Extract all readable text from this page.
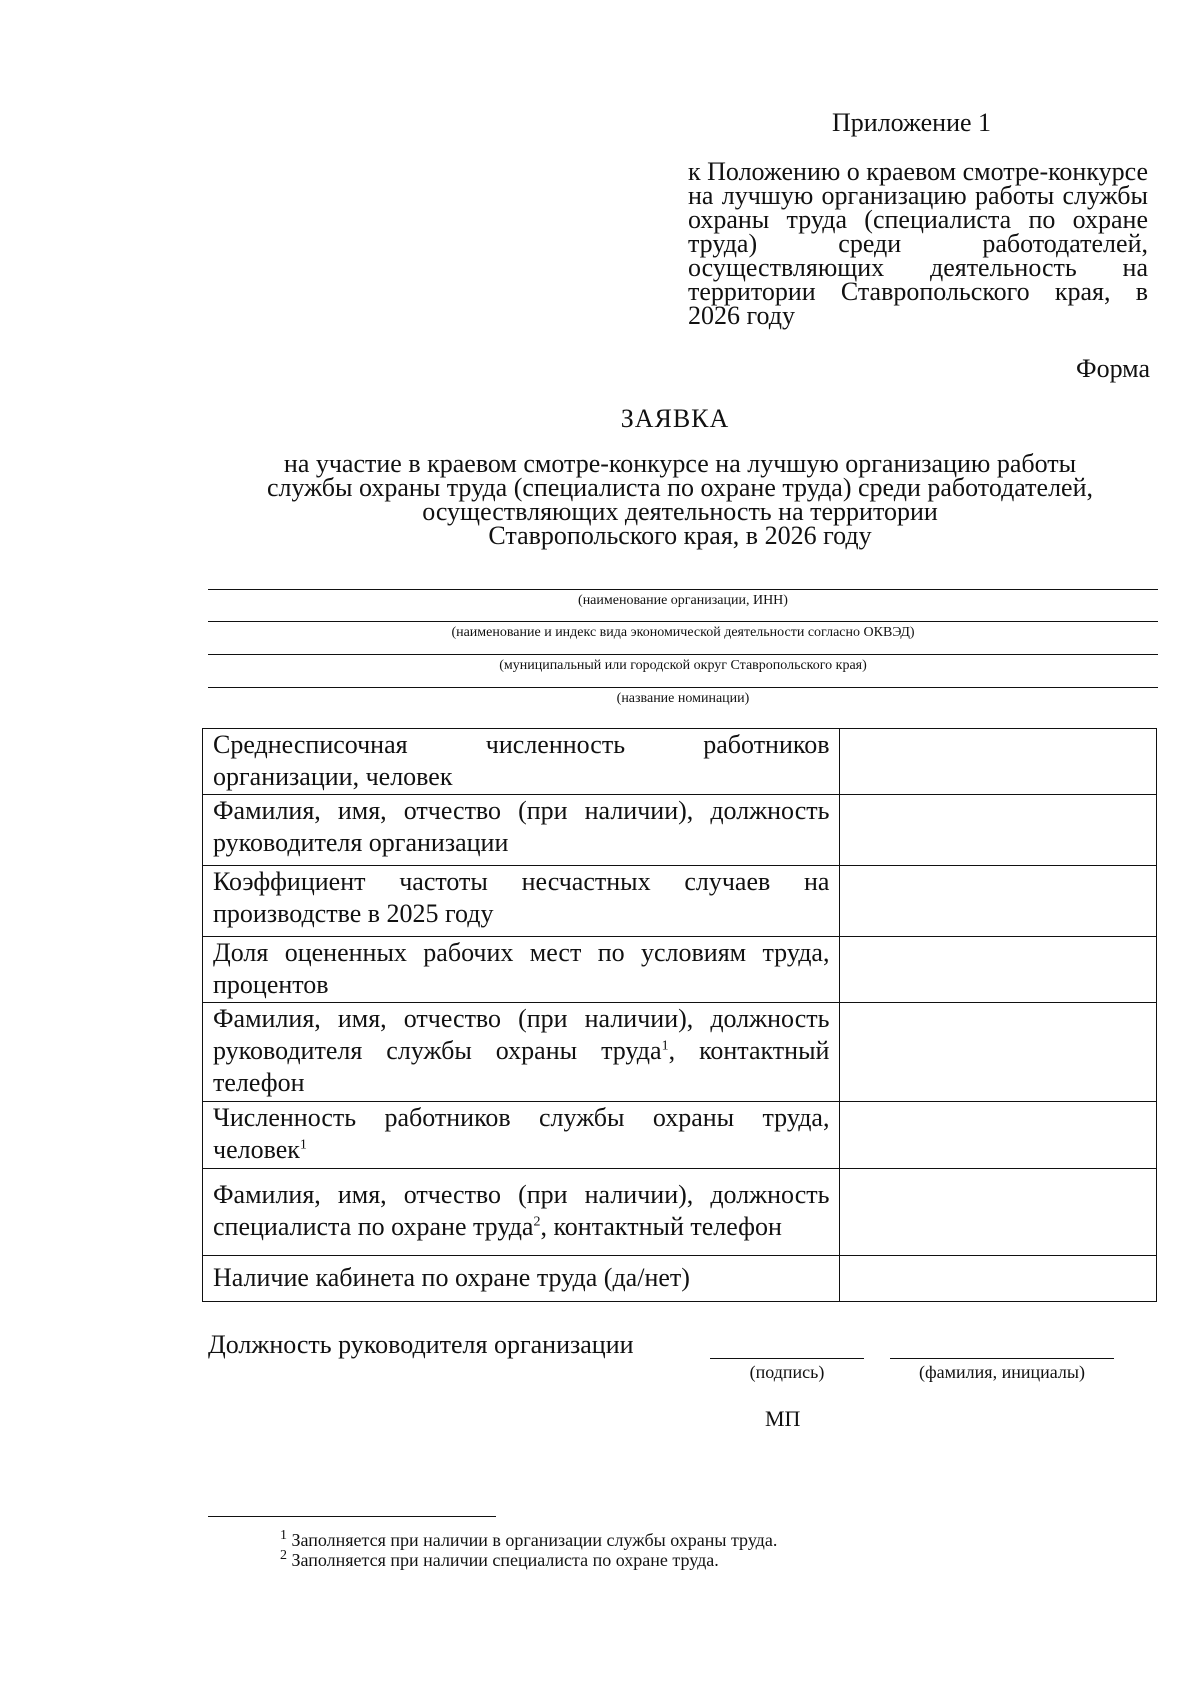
Приложение 1
к Положению о краевом смотре-конкурсе на лучшую организацию работы службы охраны труда (специалиста по охране труда) среди работодателей, осуществляющих деятельность на территории Ставропольского края, в 2026 году
Форма
ЗАЯВКА
на участие в краевом смотре-конкурсе на лучшую организацию работы
службы охраны труда (специалиста по охране труда) среди работодателей,
осуществляющих деятельность на территории
Ставропольского края, в 2026 году
(наименование организации, ИНН)
(наименование и индекс вида экономической деятельности согласно ОКВЭД)
(муниципальный или городской округ Ставропольского края)
(название номинации)
Среднесписочная численность работников организации, человек	
Фамилия, имя, отчество (при наличии), должность руководителя организации	
Коэффициент частоты несчастных случаев на производстве в 2025 году	
Доля оцененных рабочих мест по условиям труда, процентов	
Фамилия, имя, отчество (при наличии), должность руководителя службы охраны труда$^1$, контактный телефон	
Численность работников службы охраны труда, человек$^1$	
Фамилия, имя, отчество (при наличии), должность специалиста по охране труда$^2$, контактный телефон	
Наличие кабинета по охране труда (да/нет)	
Должность руководителя организации
(подпись)	(фамилия, инициалы)
МП
$^1$ Заполняется при наличии в организации службы охраны труда.
$^2$ Заполняется при наличии специалиста по охране труда.
